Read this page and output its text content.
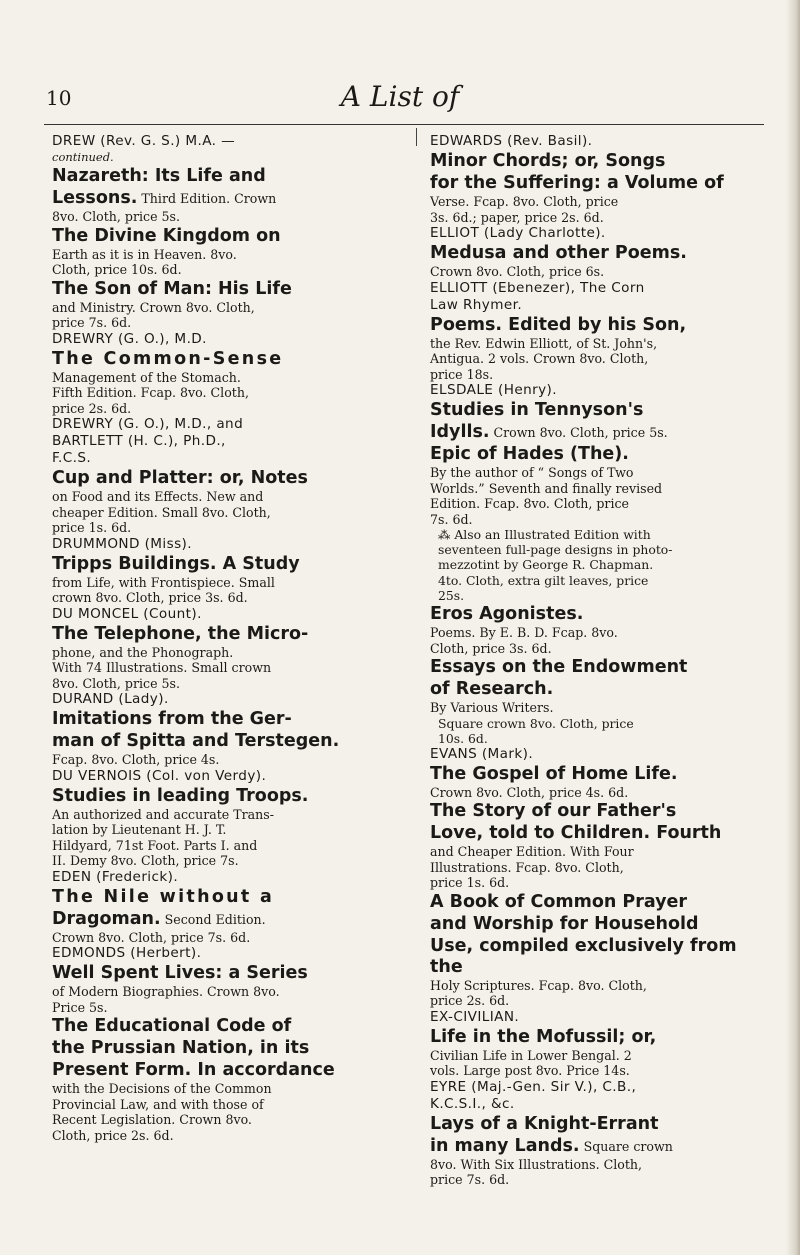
10	A List of
DREW (Rev. G. S.) M.A. —
continued.
Nazareth: Its Life and
Lessons. Third Edition. Crown
8vo. Cloth, price 5s.
The Divine Kingdom on
Earth as it is in Heaven. 8vo.
Cloth, price 10s. 6d.
The Son of Man: His Life
and Ministry. Crown 8vo. Cloth,
price 7s. 6d.
DREWRY (G. O.), M.D.
The Common-Sense
Management of the Stomach.
Fifth Edition. Fcap. 8vo. Cloth,
price 2s. 6d.
DREWRY (G. O.), M.D., and
BARTLETT (H. C.), Ph.D.,
F.C.S.
Cup and Platter: or, Notes
on Food and its Effects. New and
cheaper Edition. Small 8vo. Cloth,
price 1s. 6d.
DRUMMOND (Miss).
Tripps Buildings. A Study
from Life, with Frontispiece. Small
crown 8vo. Cloth, price 3s. 6d.
DU MONCEL (Count).
The Telephone, the Micro-
phone, and the Phonograph.
With 74 Illustrations. Small crown
8vo. Cloth, price 5s.
DURAND (Lady).
Imitations from the Ger-
man of Spitta and Terstegen.
Fcap. 8vo. Cloth, price 4s.
DU VERNOIS (Col. von Verdy).
Studies in leading Troops.
An authorized and accurate Trans-
lation by Lieutenant H. J. T.
Hildyard, 71st Foot. Parts I. and
II. Demy 8vo. Cloth, price 7s.
EDEN (Frederick).
The Nile without a
Dragoman. Second Edition.
Crown 8vo. Cloth, price 7s. 6d.
EDMONDS (Herbert).
Well Spent Lives: a Series
of Modern Biographies. Crown 8vo.
Price 5s.
The Educational Code of
the Prussian Nation, in its
Present Form. In accordance
with the Decisions of the Common
Provincial Law, and with those of
Recent Legislation. Crown 8vo.
Cloth, price 2s. 6d.
EDWARDS (Rev. Basil).
Minor Chords; or, Songs
for the Suffering: a Volume of
Verse. Fcap. 8vo. Cloth, price
3s. 6d.; paper, price 2s. 6d.
ELLIOT (Lady Charlotte).
Medusa and other Poems.
Crown 8vo. Cloth, price 6s.
ELLIOTT (Ebenezer), The Corn
Law Rhymer.
Poems. Edited by his Son,
the Rev. Edwin Elliott, of St. John's,
Antigua. 2 vols. Crown 8vo. Cloth,
price 18s.
ELSDALE (Henry).
Studies in Tennyson's
Idylls. Crown 8vo. Cloth, price 5s.
Epic of Hades (The).
By the author of “ Songs of Two
Worlds.” Seventh and finally revised
Edition. Fcap. 8vo. Cloth, price
7s. 6d.
⁂ Also an Illustrated Edition with
seventeen full-page designs in photo-
mezzotint by George R. Chapman.
4to. Cloth, extra gilt leaves, price
25s.
Eros Agonistes.
Poems. By E. B. D. Fcap. 8vo.
Cloth, price 3s. 6d.
Essays on the Endowment
of Research.
By Various Writers.
Square crown 8vo. Cloth, price
10s. 6d.
EVANS (Mark).
The Gospel of Home Life.
Crown 8vo. Cloth, price 4s. 6d.
The Story of our Father's
Love, told to Children. Fourth
and Cheaper Edition. With Four
Illustrations. Fcap. 8vo. Cloth,
price 1s. 6d.
A Book of Common Prayer
and Worship for Household
Use, compiled exclusively from the
Holy Scriptures. Fcap. 8vo. Cloth,
price 2s. 6d.
EX-CIVILIAN.
Life in the Mofussil; or,
Civilian Life in Lower Bengal. 2
vols. Large post 8vo. Price 14s.
EYRE (Maj.-Gen. Sir V.), C.B.,
K.C.S.I., &c.
Lays of a Knight-Errant
in many Lands. Square crown
8vo. With Six Illustrations. Cloth,
price 7s. 6d.
